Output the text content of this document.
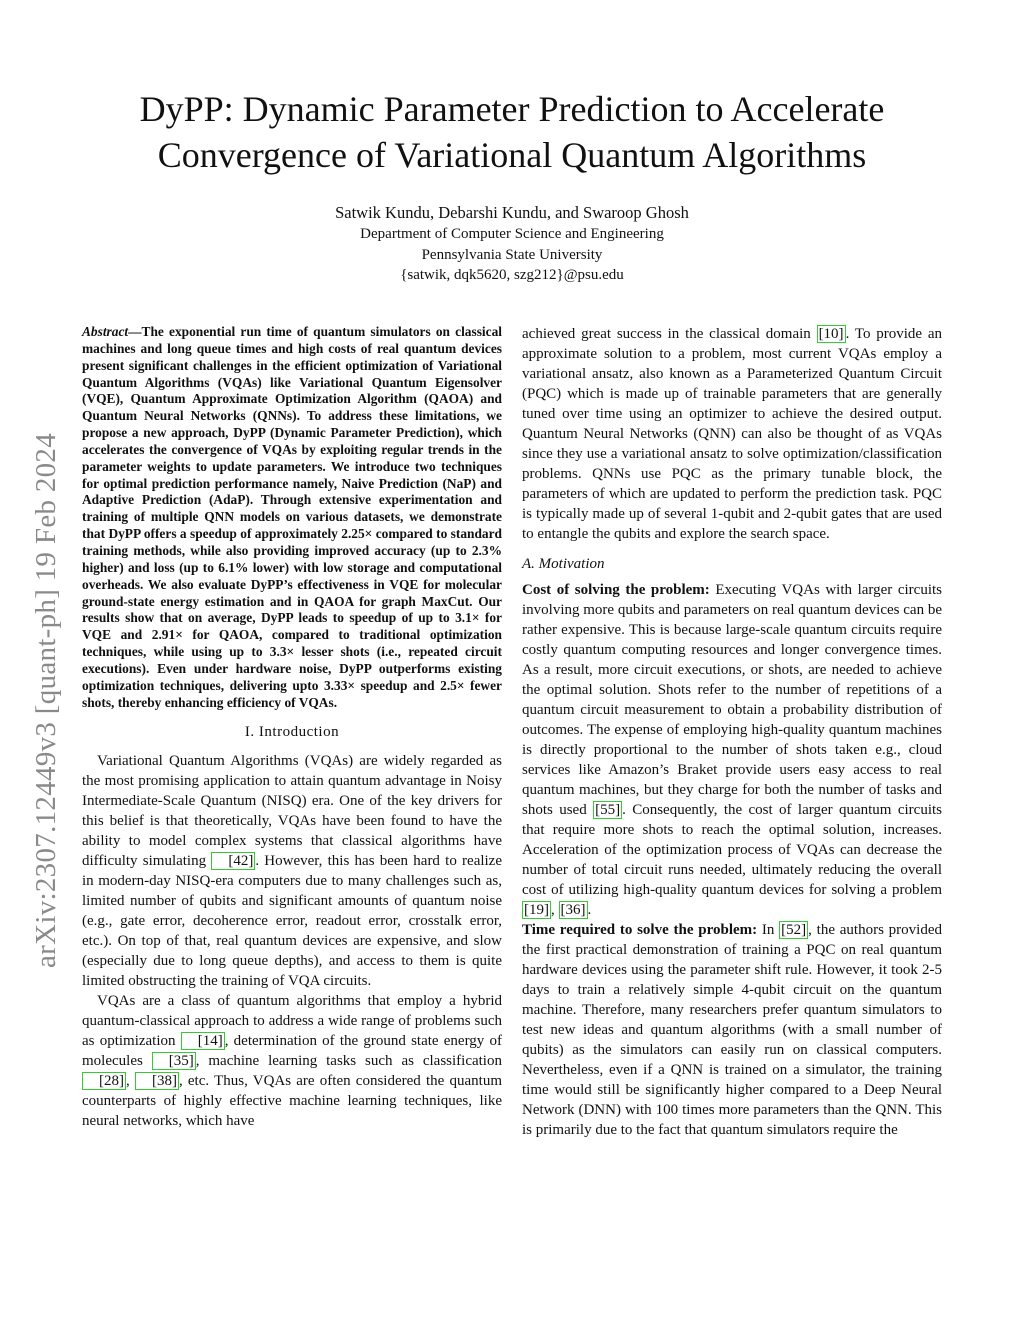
DyPP: Dynamic Parameter Prediction to Accelerate
Convergence of Variational Quantum Algorithms
Satwik Kundu, Debarshi Kundu, and Swaroop Ghosh
Department of Computer Science and Engineering
Pennsylvania State University
{satwik, dqk5620, szg212}@psu.edu
arXiv:2307.12449v3 [quant-ph] 19 Feb 2024

Abstract—The exponential run time of quantum simulators on classical machines and long queue times and high costs of real quantum devices present significant challenges in the efficient optimization of Variational Quantum Algorithms (VQAs) like Variational Quantum Eigensolver (VQE), Quantum Approximate Optimization Algorithm (QAOA) and Quantum Neural Networks (QNNs). To address these limitations, we propose a new approach, DyPP (Dynamic Parameter Prediction), which accelerates the convergence of VQAs by exploiting regular trends in the parameter weights to update parameters. We introduce two techniques for optimal prediction performance namely, Naive Prediction (NaP) and Adaptive Prediction (AdaP). Through extensive experimentation and training of multiple QNN models on various datasets, we demonstrate that DyPP offers a speedup of approximately 2.25× compared to standard training methods, while also providing improved accuracy (up to 2.3% higher) and loss (up to 6.1% lower) with low storage and computational overheads. We also evaluate DyPP’s effectiveness in VQE for molecular ground-state energy estimation and in QAOA for graph MaxCut. Our results show that on average, DyPP leads to speedup of up to 3.1× for VQE and 2.91× for QAOA, compared to traditional optimization techniques, while using up to 3.3× lesser shots (i.e., repeated circuit executions). Even under hardware noise, DyPP outperforms existing optimization techniques, delivering upto 3.33× speedup and 2.5× fewer shots, thereby enhancing efficiency of VQAs.

I. Introduction

Variational Quantum Algorithms (VQAs) are widely regarded as the most promising application to attain quantum advantage in Noisy Intermediate-Scale Quantum (NISQ) era. One of the key drivers for this belief is that theoretically, VQAs have been found to have the ability to model complex systems that classical algorithms have difficulty simulating [42] . However, this has been hard to realize in modern-day NISQ-era computers due to many challenges such as, limited number of qubits and significant amounts of quantum noise (e.g., gate error, decoherence error, readout error, crosstalk error, etc.). On top of that, real quantum devices are expensive, and slow (especially due to long queue depths), and access to them is quite limited obstructing the training of VQA circuits.

VQAs are a class of quantum algorithms that employ a hybrid quantum-classical approach to address a wide range of problems such as optimization [14] , determination of the ground state energy of molecules [35] , machine learning tasks such as classification [28] , [38] , etc. Thus, VQAs are often considered the quantum counterparts of highly effective machine learning techniques, like neural networks, which have

achieved great success in the classical domain [10] . To provide an approximate solution to a problem, most current VQAs employ a variational ansatz, also known as a Parameterized Quantum Circuit (PQC) which is made up of trainable parameters that are generally tuned over time using an optimizer to achieve the desired output. Quantum Neural Networks (QNN) can also be thought of as VQAs since they use a variational ansatz to solve optimization/classification problems. QNNs use PQC as the primary tunable block, the parameters of which are updated to perform the prediction task. PQC is typically made up of several 1-qubit and 2-qubit gates that are used to entangle the qubits and explore the search space.

A. Motivation

Cost of solving the problem: Executing VQAs with larger circuits involving more qubits and parameters on real quantum devices can be rather expensive. This is because large-scale quantum circuits require costly quantum computing resources and longer convergence times. As a result, more circuit executions, or shots, are needed to achieve the optimal solution. Shots refer to the number of repetitions of a quantum circuit measurement to obtain a probability distribution of outcomes. The expense of employing high-quality quantum machines is directly proportional to the number of shots taken e.g., cloud services like Amazon’s Braket provide users easy access to real quantum machines, but they charge for both the number of tasks and shots used [55] . Consequently, the cost of larger quantum circuits that require more shots to reach the optimal solution, increases. Acceleration of the optimization process of VQAs can decrease the number of total circuit runs needed, ultimately reducing the overall cost of utilizing high-quality quantum devices for solving a problem [19] , [36] .

Time required to solve the problem: In [52] , the authors provided the first practical demonstration of training a PQC on real quantum hardware devices using the parameter shift rule. However, it took 2-5 days to train a relatively simple 4-qubit circuit on the quantum machine. Therefore, many researchers prefer quantum simulators to test new ideas and quantum algorithms (with a small number of qubits) as the simulators can easily run on classical computers. Nevertheless, even if a QNN is trained on a simulator, the training time would still be significantly higher compared to a Deep Neural Network (DNN) with 100 times more parameters than the QNN. This is primarily due to the fact that quantum simulators require the
